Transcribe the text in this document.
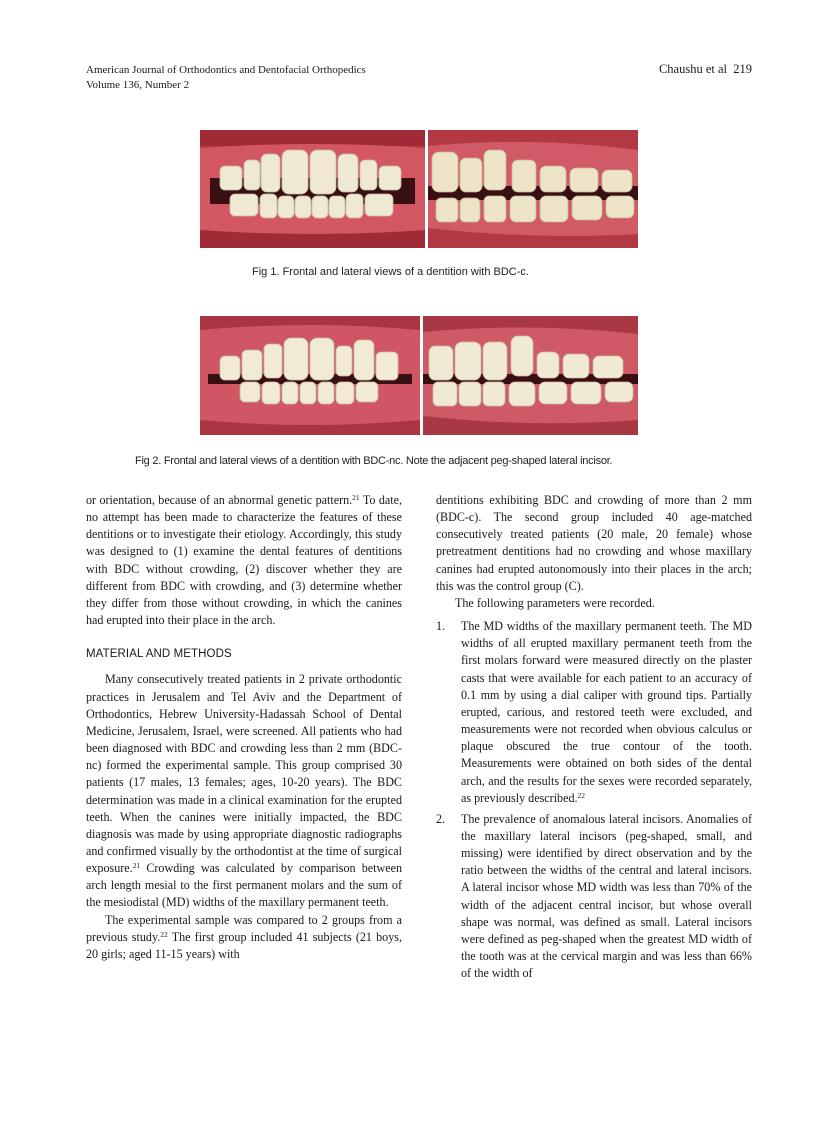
American Journal of Orthodontics and Dentofacial Orthopedics
Volume 136, Number 2
Chaushu et al 219
Fig 1. Frontal and lateral views of a dentition with BDC-c.
Fig 2. Frontal and lateral views of a dentition with BDC-nc. Note the adjacent peg-shaped lateral incisor.

or orientation, because of an abnormal genetic pattern.$^{21}$ To date, no attempt has been made to characterize the features of these dentitions or to investigate their etiology. Accordingly, this study was designed to (1) examine the dental features of dentitions with BDC without crowding, (2) discover whether they are different from BDC with crowding, and (3) determine whether they differ from those without crowding, in which the canines had erupted into their place in the arch.

MATERIAL AND METHODS

Many consecutively treated patients in 2 private orthodontic practices in Jerusalem and Tel Aviv and the Department of Orthodontics, Hebrew University-Hadassah School of Dental Medicine, Jerusalem, Israel, were screened. All patients who had been diagnosed with BDC and crowding less than 2 mm (BDC-nc) formed the experimental sample. This group comprised 30 patients (17 males, 13 females; ages, 10-20 years). The BDC determination was made in a clinical examination for the erupted teeth. When the canines were initially impacted, the BDC diagnosis was made by using appropriate diagnostic radiographs and confirmed visually by the orthodontist at the time of surgical exposure.$^{21}$ Crowding was calculated by comparison between arch length mesial to the first permanent molars and the sum of the mesiodistal (MD) widths of the maxillary permanent teeth.

The experimental sample was compared to 2 groups from a previous study.$^{22}$ The first group included 41 subjects (21 boys, 20 girls; aged 11-15 years) with

dentitions exhibiting BDC and crowding of more than 2 mm (BDC-c). The second group included 40 age-matched consecutively treated patients (20 male, 20 female) whose pretreatment dentitions had no crowding and whose maxillary canines had erupted autonomously into their places in the arch; this was the control group (C).

The following parameters were recorded.

1.	The MD widths of the maxillary permanent teeth. The MD widths of all erupted maxillary permanent teeth from the first molars forward were measured directly on the plaster casts that were available for each patient to an accuracy of 0.1 mm by using a dial caliper with ground tips. Partially erupted, carious, and restored teeth were excluded, and measurements were not recorded when obvious calculus or plaque obscured the true contour of the tooth. Measurements were obtained on both sides of the dental arch, and the results for the sexes were recorded separately, as previously described.$^{22}$
2.	The prevalence of anomalous lateral incisors. Anomalies of the maxillary lateral incisors (peg-shaped, small, and missing) were identified by direct observation and by the ratio between the widths of the central and lateral incisors. A lateral incisor whose MD width was less than 70% of the width of the adjacent central incisor, but whose overall shape was normal, was defined as small. Lateral incisors were defined as peg-shaped when the greatest MD width of the tooth was at the cervical margin and was less than 66% of the width of
